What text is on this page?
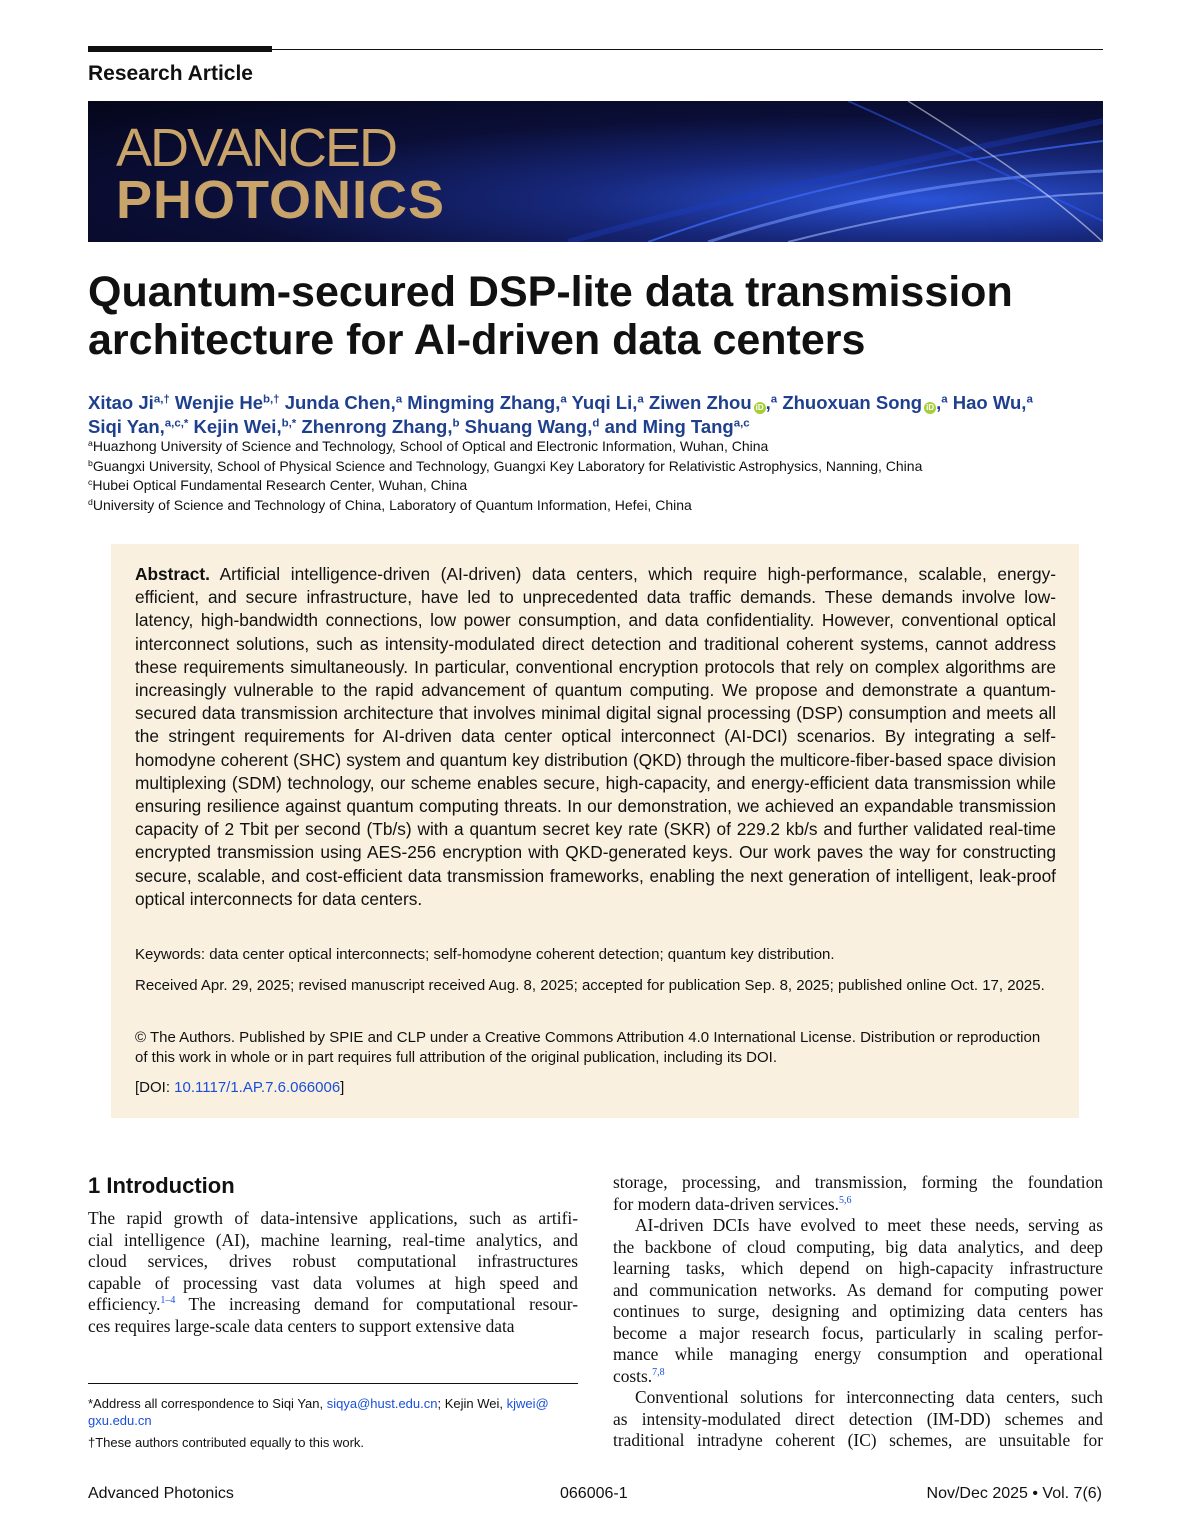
Research Article
ADVANCED
PHOTONICS
Quantum-secured DSP-lite data transmission
architecture for AI-driven data centers
Xitao $Ji^{a,\dagger}$ Wenjie $He^{b,\dagger}$ Junda Chen,$^a$ Mingming Zhang,$^a$ Yuqi Li,$^a$ Ziwen Zhou iD ,$^a$ Zhuoxuan Song iD ,$^a$ Hao Wu,$^a$
Siqi Yan,$^{a,c,*}$ Kejin Wei,$^{b,*}$ Zhenrong Zhang,$^b$ Shuang Wang,$^d$ and Ming Tang$^{a,c}$
$^a$Huazhong University of Science and Technology, School of Optical and Electronic Information, Wuhan, China
$^b$Guangxi University, School of Physical Science and Technology, Guangxi Key Laboratory for Relativistic Astrophysics, Nanning, China
$^c$Hubei Optical Fundamental Research Center, Wuhan, China
$^d$University of Science and Technology of China, Laboratory of Quantum Information, Hefei, China
Abstract. Artificial intelligence-driven (AI-driven) data centers, which require high-performance, scalable, energy-efficient, and secure infrastructure, have led to unprecedented data traffic demands. These demands involve low-latency, high-bandwidth connections, low power consumption, and data confidentiality. However, conventional optical interconnect solutions, such as intensity-modulated direct detection and traditional coherent systems, cannot address these requirements simultaneously. In particular, conventional encryption protocols that rely on complex algorithms are increasingly vulnerable to the rapid advancement of quantum computing. We propose and demonstrate a quantum-secured data transmission architecture that involves minimal digital signal processing (DSP) consumption and meets all the stringent requirements for AI-driven data center optical interconnect (AI-DCI) scenarios. By integrating a self-homodyne coherent (SHC) system and quantum key distribution (QKD) through the multicore-fiber-based space division multiplexing (SDM) technology, our scheme enables secure, high-capacity, and energy-efficient data transmission while ensuring resilience against quantum computing threats. In our demonstration, we achieved an expandable transmission capacity of 2 Tbit per second (Tb/s) with a quantum secret key rate (SKR) of 229.2 kb/s and further validated real-time encrypted transmission using AES-256 encryption with QKD-generated keys. Our work paves the way for constructing secure, scalable, and cost-efficient data transmission frameworks, enabling the next generation of intelligent, leak-proof optical interconnects for data centers.
Keywords: data center optical interconnects; self-homodyne coherent detection; quantum key distribution.
Received Apr. 29, 2025; revised manuscript received Aug. 8, 2025; accepted for publication Sep. 8, 2025; published online Oct. 17, 2025.
© The Authors. Published by SPIE and CLP under a Creative Commons Attribution 4.0 International License. Distribution or reproduction of this work in whole or in part requires full attribution of the original publication, including its DOI.
[DOI: 10.1117/1.AP.7.6.066006]
1 Introduction
The rapid growth of data-intensive applications, such as artifi-
cial intelligence (AI), machine learning, real-time analytics, and
cloud services, drives robust computational infrastructures
capable of processing vast data volumes at high speed and
efficiency.$^{1-4}$ The increasing demand for computational resour-
ces requires large-scale data centers to support extensive data
storage, processing, and transmission, forming the foundation
for modern data-driven services.$^{5,6}$
AI-driven DCIs have evolved to meet these needs, serving as
the backbone of cloud computing, big data analytics, and deep
learning tasks, which depend on high-capacity infrastructure
and communication networks. As demand for computing power
continues to surge, designing and optimizing data centers has
become a major research focus, particularly in scaling perfor-
mance while managing energy consumption and operational
costs.$^{7,8}$
Conventional solutions for interconnecting data centers, such
as intensity-modulated direct detection (IM-DD) schemes and
traditional intradyne coherent (IC) schemes, are unsuitable for
*Address all correspondence to Siqi Yan, siqya@hust.edu.cn; Kejin Wei, kjwei@
gxu.edu.cn
†These authors contributed equally to this work.
Advanced Photonics	066006-1	Nov/Dec 2025 • Vol. 7(6)
